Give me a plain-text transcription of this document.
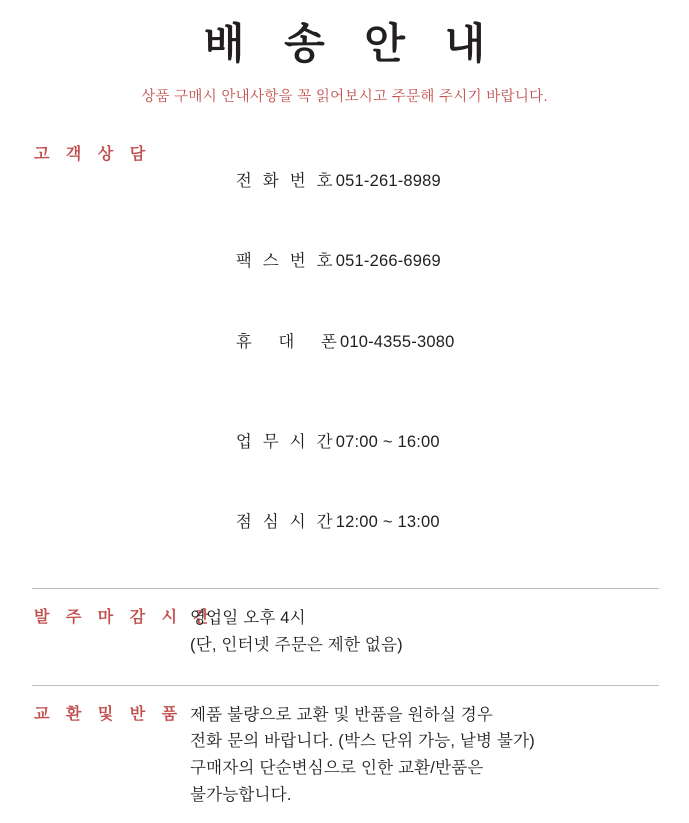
배 송 안 내
상품 구매시 안내사항을 꼭 읽어보시고 주문해 주시기 바랍니다.
고 객 상 담

전 화 번 호051-261-8989

팩 스 번 호051-266-6969

휴   대   폰010-4355-3080

업 무 시 간07:00 ~ 16:00

점 심 시 간12:00 ~ 13:00

발 주 마 감 시 간
영업일 오후 4시
(단, 인터넷 주문은 제한 없음)
교 환 및 반 품 제품 불량으로 교환 및 반품을 원하실 경우
전화 문의 바랍니다. (박스 단위 가능, 낱병 불가)
구매자의 단순변심으로 인한 교환/반품은
불가능합니다.
